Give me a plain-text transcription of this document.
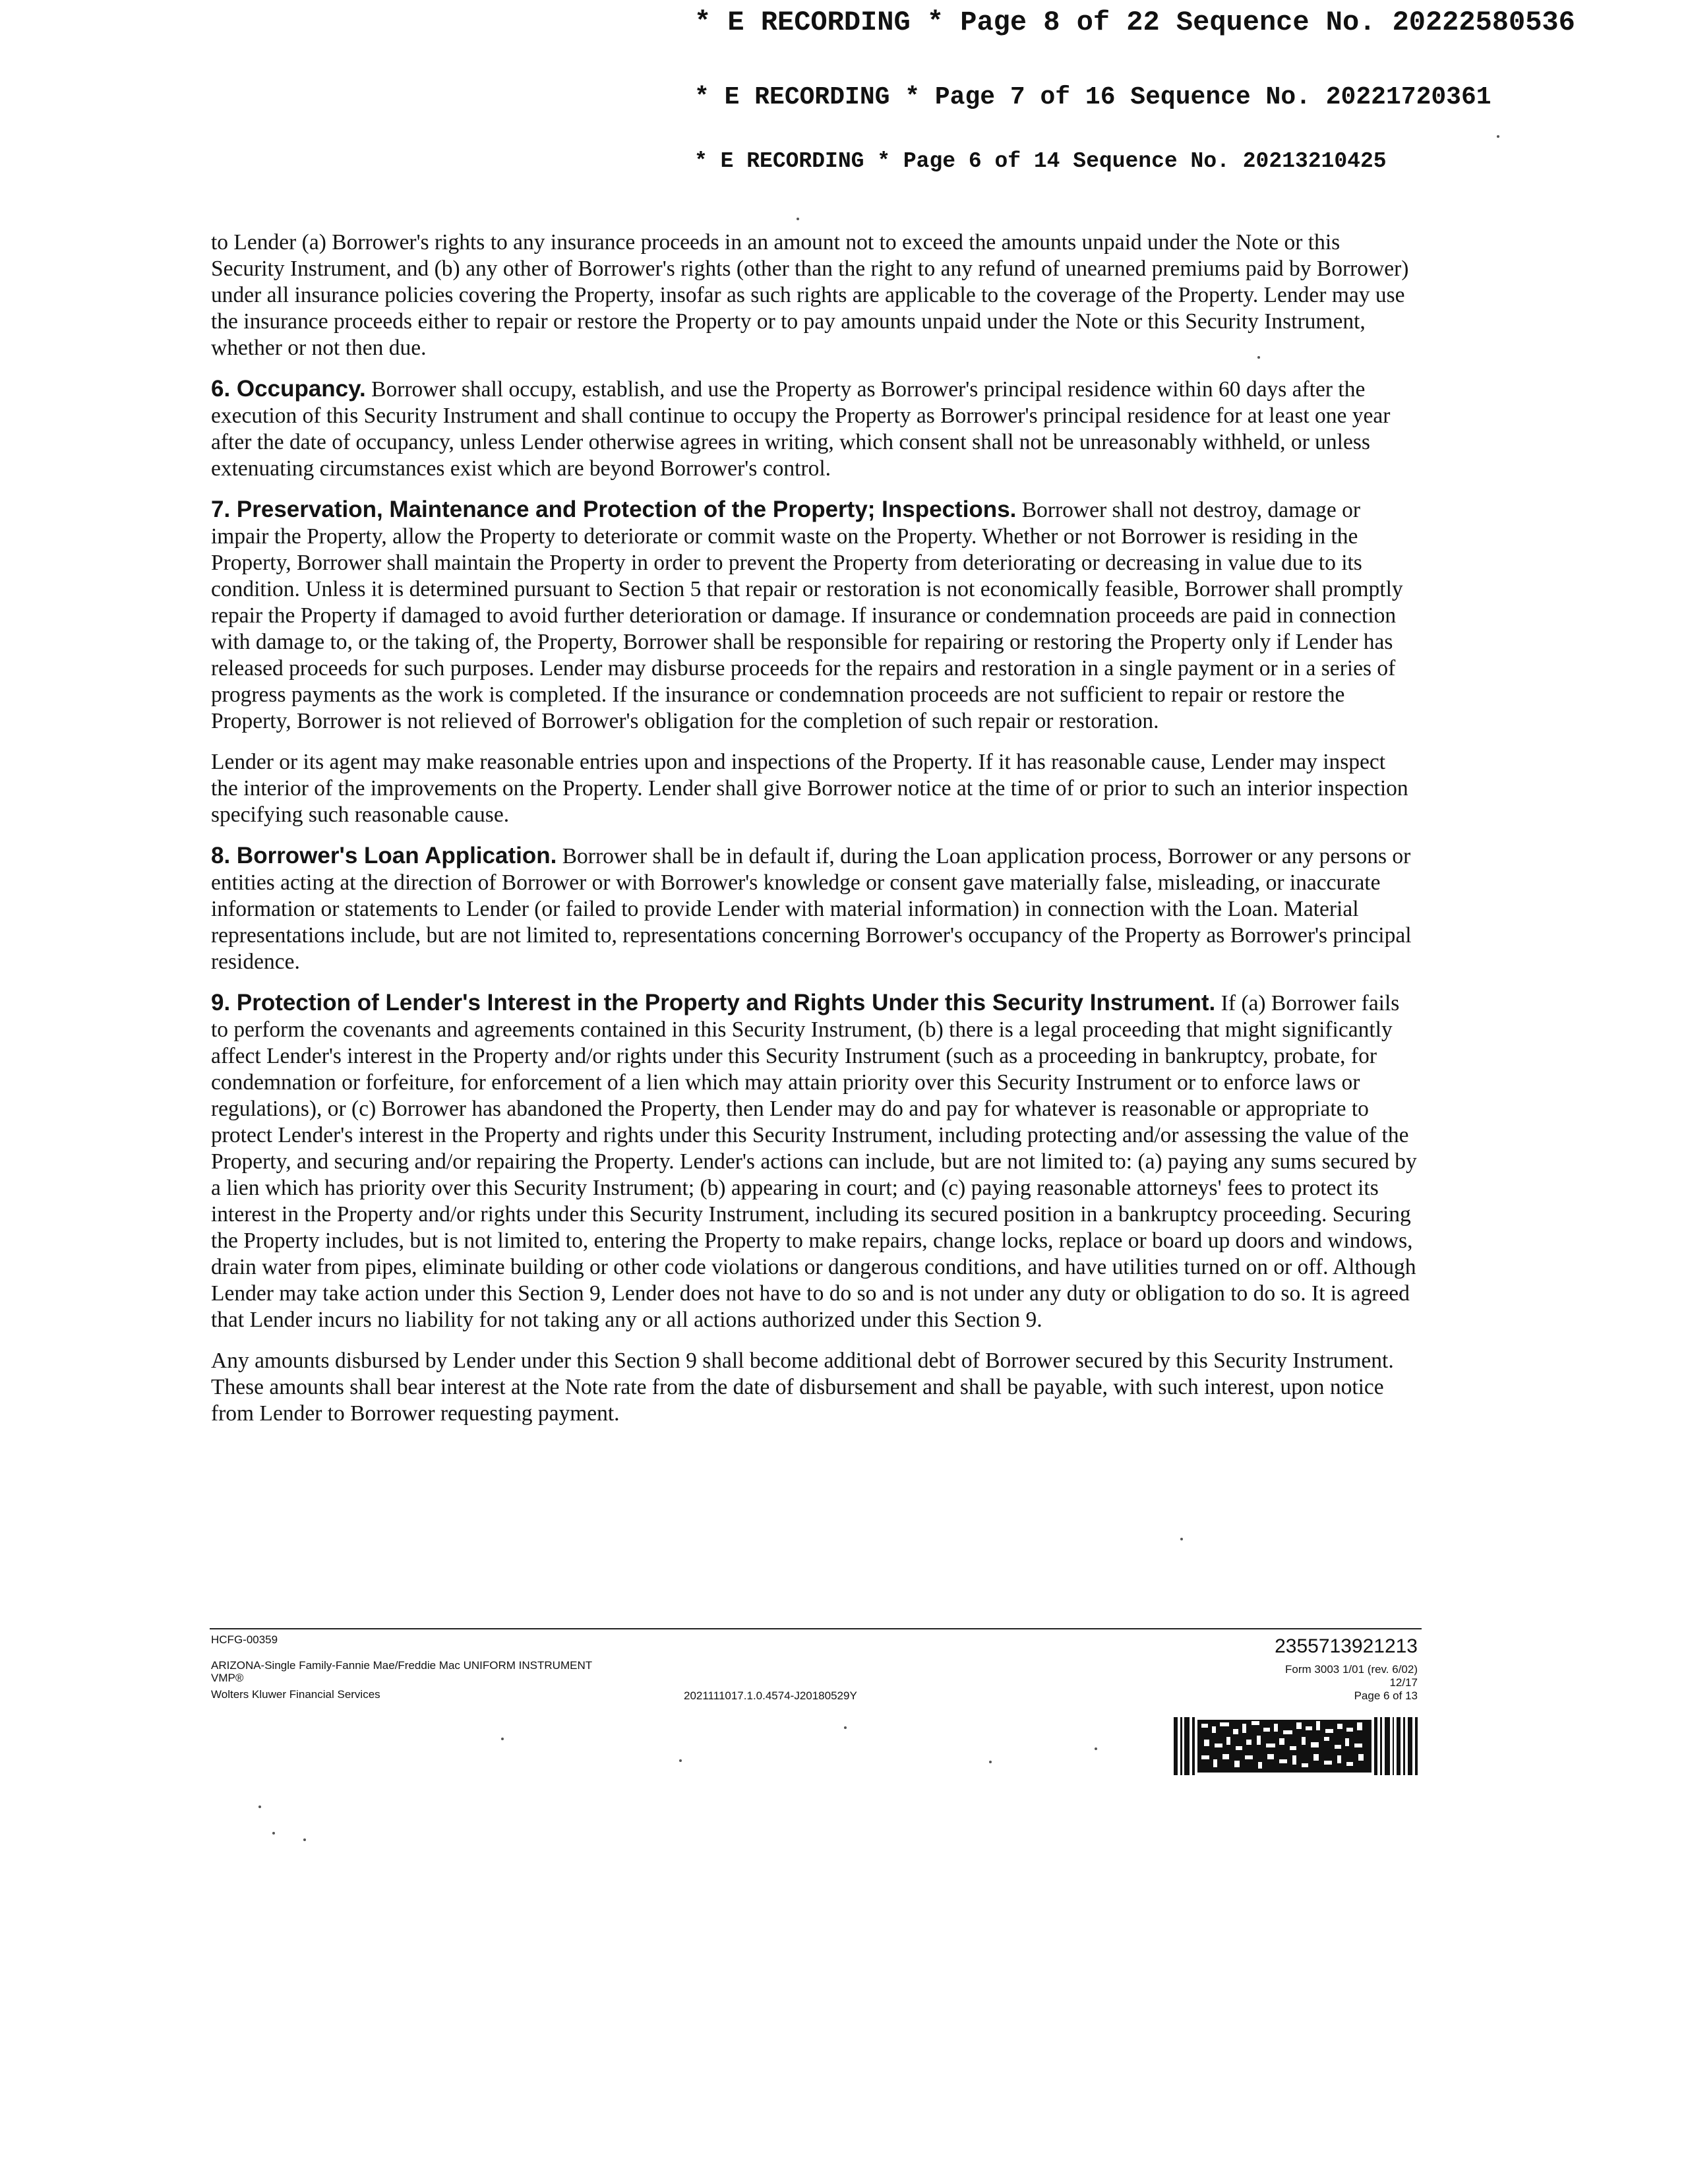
* E RECORDING * Page 8 of 22 Sequence No. 20222580536
* E RECORDING * Page 7 of 16 Sequence No. 20221720361
* E RECORDING * Page 6 of 14 Sequence No. 20213210425

to Lender (a) Borrower's rights to any insurance proceeds in an amount not to exceed the amounts unpaid under the Note or this Security Instrument, and (b) any other of Borrower's rights (other than the right to any refund of unearned premiums paid by Borrower) under all insurance policies covering the Property, insofar as such rights are applicable to the coverage of the Property. Lender may use the insurance proceeds either to repair or restore the Property or to pay amounts unpaid under the Note or this Security Instrument, whether or not then due.

6. Occupancy. Borrower shall occupy, establish, and use the Property as Borrower's principal residence within 60 days after the execution of this Security Instrument and shall continue to occupy the Property as Borrower's principal residence for at least one year after the date of occupancy, unless Lender otherwise agrees in writing, which consent shall not be unreasonably withheld, or unless extenuating circumstances exist which are beyond Borrower's control.

7. Preservation, Maintenance and Protection of the Property; Inspections. Borrower shall not destroy, damage or impair the Property, allow the Property to deteriorate or commit waste on the Property. Whether or not Borrower is residing in the Property, Borrower shall maintain the Property in order to prevent the Property from deteriorating or decreasing in value due to its condition. Unless it is determined pursuant to Section 5 that repair or restoration is not economically feasible, Borrower shall promptly repair the Property if damaged to avoid further deterioration or damage. If insurance or condemnation proceeds are paid in connection with damage to, or the taking of, the Property, Borrower shall be responsible for repairing or restoring the Property only if Lender has released proceeds for such purposes. Lender may disburse proceeds for the repairs and restoration in a single payment or in a series of progress payments as the work is completed. If the insurance or condemnation proceeds are not sufficient to repair or restore the Property, Borrower is not relieved of Borrower's obligation for the completion of such repair or restoration.

Lender or its agent may make reasonable entries upon and inspections of the Property. If it has reasonable cause, Lender may inspect the interior of the improvements on the Property. Lender shall give Borrower notice at the time of or prior to such an interior inspection specifying such reasonable cause.

8. Borrower's Loan Application. Borrower shall be in default if, during the Loan application process, Borrower or any persons or entities acting at the direction of Borrower or with Borrower's knowledge or consent gave materially false, misleading, or inaccurate information or statements to Lender (or failed to provide Lender with material information) in connection with the Loan. Material representations include, but are not limited to, representations concerning Borrower's occupancy of the Property as Borrower's principal residence.

9. Protection of Lender's Interest in the Property and Rights Under this Security Instrument. If (a) Borrower fails to perform the covenants and agreements contained in this Security Instrument, (b) there is a legal proceeding that might significantly affect Lender's interest in the Property and/or rights under this Security Instrument (such as a proceeding in bankruptcy, probate, for condemnation or forfeiture, for enforcement of a lien which may attain priority over this Security Instrument or to enforce laws or regulations), or (c) Borrower has abandoned the Property, then Lender may do and pay for whatever is reasonable or appropriate to protect Lender's interest in the Property and rights under this Security Instrument, including protecting and/or assessing the value of the Property, and securing and/or repairing the Property. Lender's actions can include, but are not limited to: (a) paying any sums secured by a lien which has priority over this Security Instrument; (b) appearing in court; and (c) paying reasonable attorneys' fees to protect its interest in the Property and/or rights under this Security Instrument, including its secured position in a bankruptcy proceeding. Securing the Property includes, but is not limited to, entering the Property to make repairs, change locks, replace or board up doors and windows, drain water from pipes, eliminate building or other code violations or dangerous conditions, and have utilities turned on or off. Although Lender may take action under this Section 9, Lender does not have to do so and is not under any duty or obligation to do so. It is agreed that Lender incurs no liability for not taking any or all actions authorized under this Section 9.

Any amounts disbursed by Lender under this Section 9 shall become additional debt of Borrower secured by this Security Instrument. These amounts shall bear interest at the Note rate from the date of disbursement and shall be payable, with such interest, upon notice from Lender to Borrower requesting payment.

HCFG-00359
ARIZONA-Single Family-Fannie Mae/Freddie Mac UNIFORM INSTRUMENT
VMP®
Wolters Kluwer Financial Services	2021111017.1.0.4574-J20180529Y
2355713921213
Form 3003 1/01 (rev. 6/02)
12/17
Page 6 of 13
